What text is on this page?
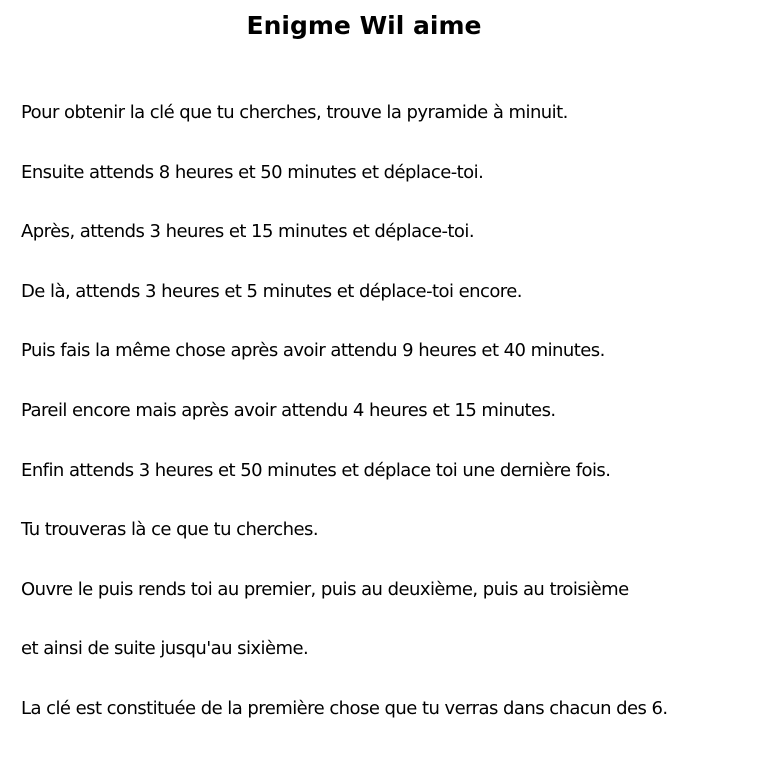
Enigme Wil aime
Pour obtenir la clé que tu cherches, trouve la pyramide à minuit.
Ensuite attends 8 heures et 50 minutes et déplace-toi.
Après, attends 3 heures et 15 minutes et déplace-toi.
De là, attends 3 heures et 5 minutes et déplace-toi encore.
Puis fais la même chose après avoir attendu 9 heures et 40 minutes.
Pareil encore mais après avoir attendu 4 heures et 15 minutes.
Enfin attends 3 heures et 50 minutes et déplace toi une dernière fois.
Tu trouveras là ce que tu cherches.
Ouvre le puis rends toi au premier, puis au deuxième, puis au troisième
et ainsi de suite jusqu'au sixième.
La clé est constituée de la première chose que tu verras dans chacun des 6.
